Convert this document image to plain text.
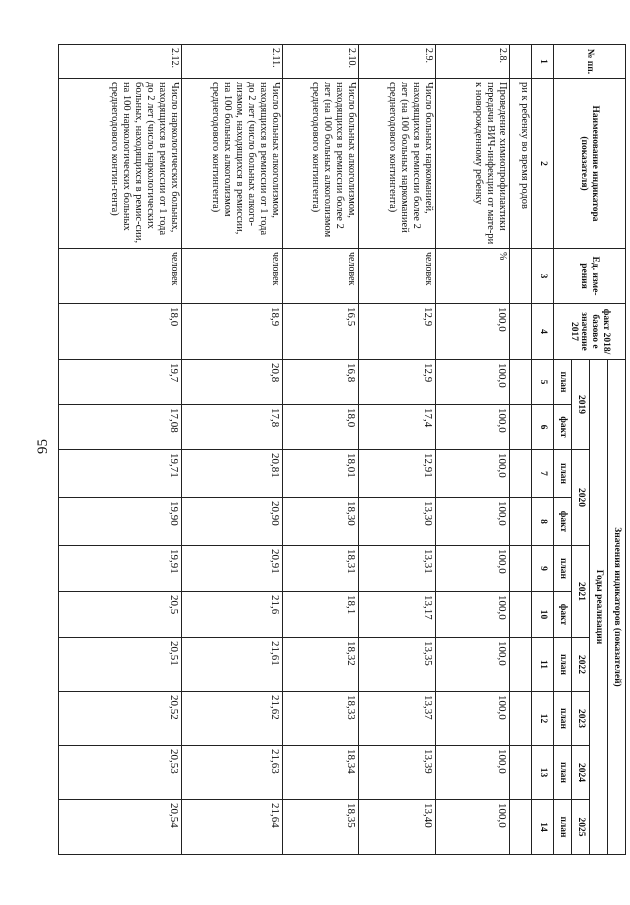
95
№ пп.	Наименование индикатора (показателя)	Ед. изме-рения	факт 2018/базово е значение 2017	Значения индикаторов (показателей)									
				Годы реализации									
				2019		2020		2021		2022	2023	2024	2025
				план	факт	план	факт	план	факт	план	план	план	план
1	2	3	4	5	6	7	8	9	10	11	12	13	14
	ри к ребенку во время родов												
2.8.	Проведение химиопрофилактики передачи ВИЧ-инфекции от мате-ри к новорожденному ребенку	%	100,0	100,0	100,0	100,0	100,0	100,0	100,0	100,0	100,0	100,0	100,0
2.9.	Число больных наркоманией, находящихся в ремиссии более 2 лет (на 100 больных наркоманией среднегодового контингента)	человек	12,9	12,9	17,4	12,91	13,30	13,31	13,17	13,35	13,37	13,39	13,40
2.10.	Число больных алкоголизмом, находящихся в ремиссии более 2 лет (на 100 больных алкоголизмом среднегодового контингента)	человек	16,5	16,8	18,0	18,01	18,30	18,31	18,1	18,32	18,33	18,34	18,35
2.11.	Число больных алкоголизмом, находящихся в ремиссии от 1 года до 2 лет (число больных алкого-лизмом, находящихся в ремиссии, на 100 больных алкоголизмом среднегодового контингента)	человек	18,9	20,8	17,8	20,81	20,90	20,91	21,6	21,61	21,62	21,63	21,64
2.12.	Число наркологических больных, находящихся в ремиссии от 1 года до 2 лет (число наркологических больных, находящихся в ремис-сии, на 100 наркологических больных среднегодового контин-гента)	человек	18,0	19,7	17,08	19,71	19,90	19,91	20,5	20,51	20,52	20,53	20,54
